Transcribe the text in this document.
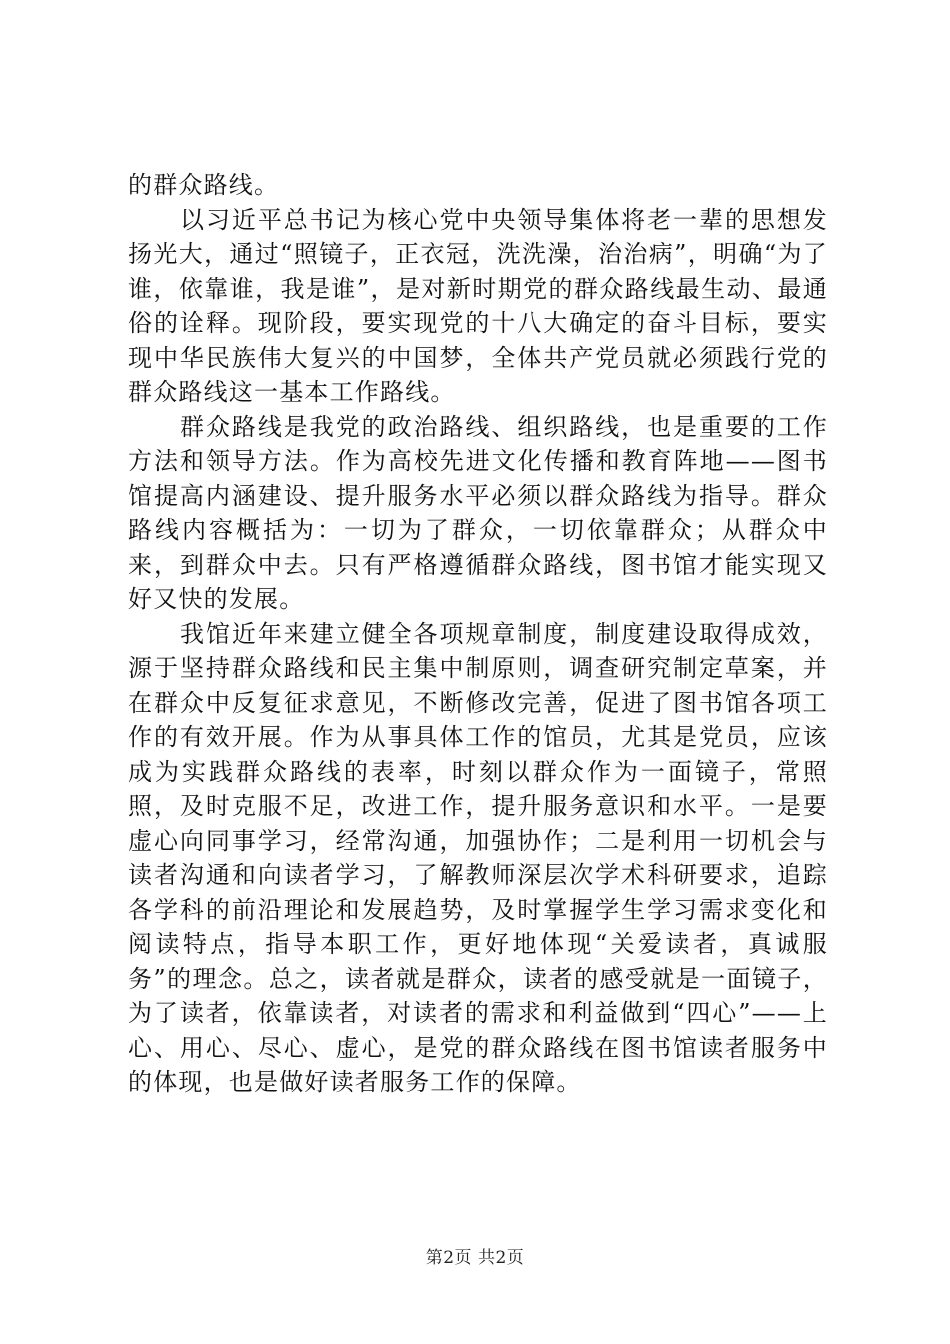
的群众路线。

以习近平总书记为核心党中央领导集体将老一辈的思想发扬光大，通过“照镜子，正衣冠，洗洗澡，治治病”，明确“为了谁，依靠谁，我是谁”，是对新时期党的群众路线最生动、最通俗的诠释。现阶段，要实现党的十八大确定的奋斗目标，要实现中华民族伟大复兴的中国梦，全体共产党员就必须践行党的群众路线这一基本工作路线。

群众路线是我党的政治路线、组织路线，也是重要的工作方法和领导方法。作为高校先进文化传播和教育阵地——图书馆提高内涵建设、提升服务水平必须以群众路线为指导。群众路线内容概括为：一切为了群众，一切依靠群众；从群众中来，到群众中去。只有严格遵循群众路线，图书馆才能实现又好又快的发展。

我馆近年来建立健全各项规章制度，制度建设取得成效，源于坚持群众路线和民主集中制原则，调查研究制定草案，并在群众中反复征求意见，不断修改完善，促进了图书馆各项工作的有效开展。作为从事具体工作的馆员，尤其是党员，应该成为实践群众路线的表率，时刻以群众作为一面镜子，常照照，及时克服不足，改进工作，提升服务意识和水平。一是要虚心向同事学习，经常沟通，加强协作；二是利用一切机会与读者沟通和向读者学习，了解教师深层次学术科研要求，追踪各学科的前沿理论和发展趋势，及时掌握学生学习需求变化和阅读特点，指导本职工作，更好地体现“关爱读者，真诚服务”的理念。总之，读者就是群众，读者的感受就是一面镜子，为了读者，依靠读者，对读者的需求和利益做到“四心”——上心、用心、尽心、虚心，是党的群众路线在图书馆读者服务中的体现，也是做好读者服务工作的保障。

第2页 共2页
